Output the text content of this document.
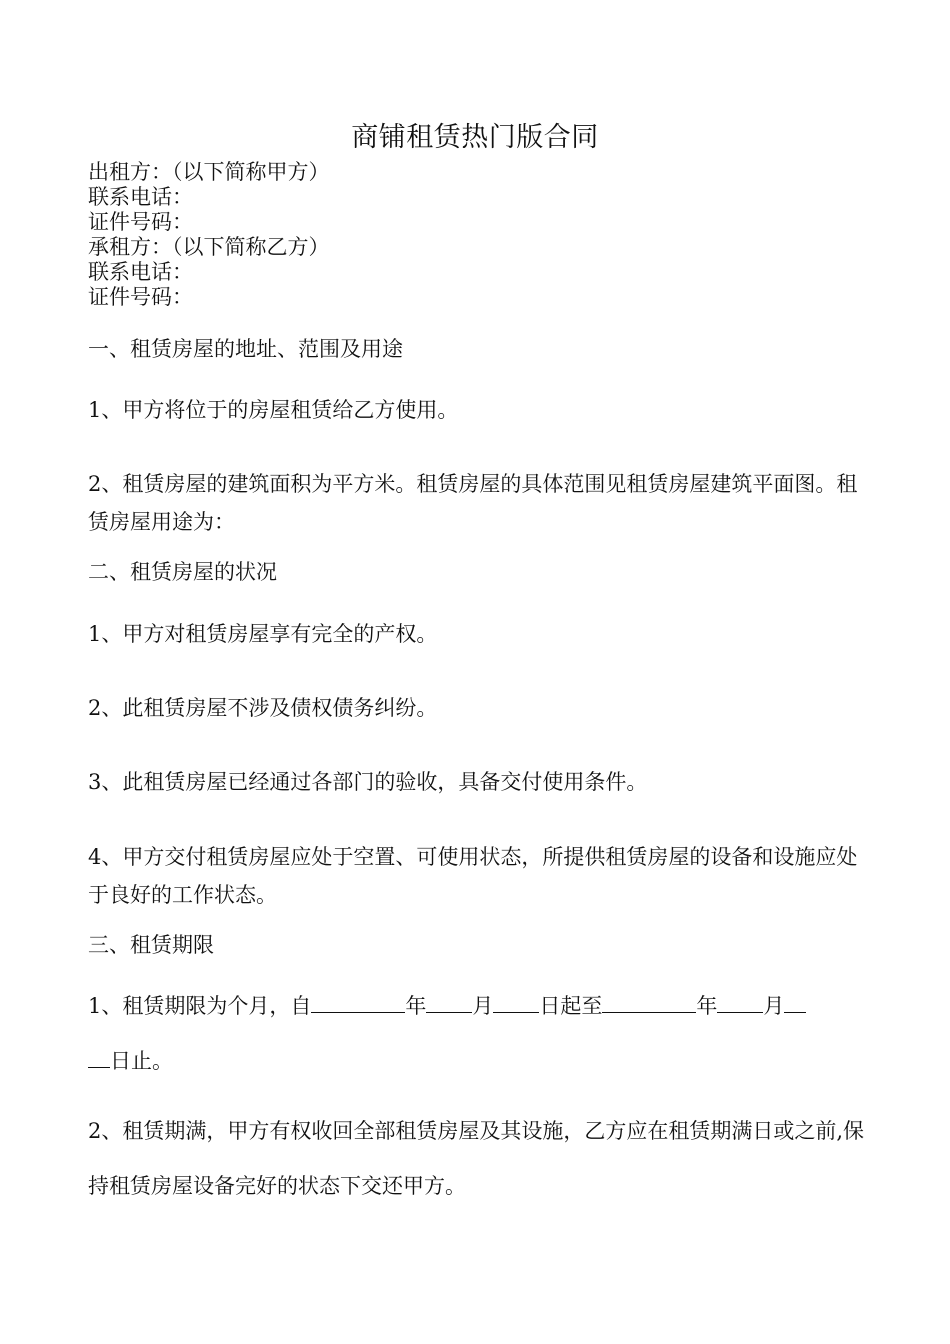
商铺租赁热门版合同
出租方：（以下简称甲方）
联系电话：
证件号码：
承租方：（以下简称乙方）
联系电话：
证件号码：
一、租赁房屋的地址、范围及用途
1、甲方将位于的房屋租赁给乙方使用。
2、租赁房屋的建筑面积为平方米。租赁房屋的具体范围见租赁房屋建筑平面图。租赁房屋用途为：
二、租赁房屋的状况
1、甲方对租赁房屋享有完全的产权。
2、此租赁房屋不涉及债权债务纠纷。
3、此租赁房屋已经通过各部门的验收，具备交付使用条件。
4、甲方交付租赁房屋应处于空置、可使用状态，所提供租赁房屋的设备和设施应处于良好的工作状态。
三、租赁期限
1、租赁期限为个月，自	年 月 日起至	年 月
日止。
2、租赁期满，甲方有权收回全部租赁房屋及其设施，乙方应在租赁期满日或之前,保持租赁房屋设备完好的状态下交还甲方。
